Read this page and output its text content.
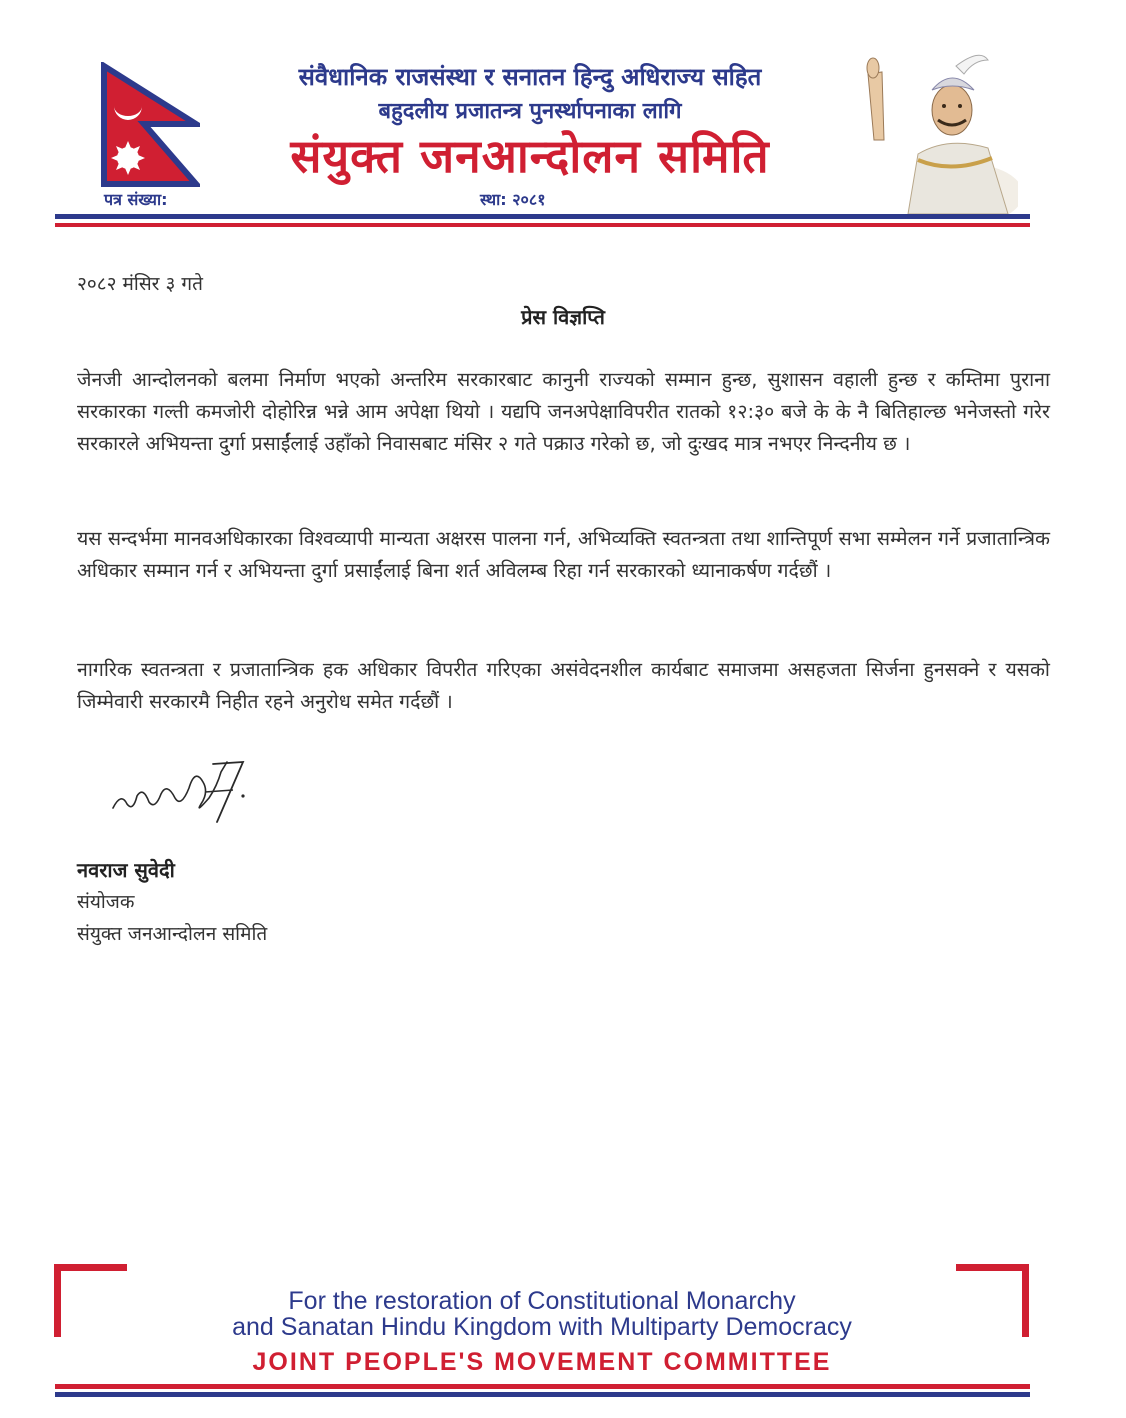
संवैधानिक राजसंस्था र सनातन हिन्दु अधिराज्य सहित
बहुदलीय प्रजातन्त्र पुनर्स्थापनाका लागि
संयुक्त जनआन्दोलन समिति
पत्र संख्या:	स्था: २०८१
२०८२ मंसिर ३ गते
प्रेस विज्ञप्ति
जेनजी आन्दोलनको बलमा निर्माण भएको अन्तरिम सरकारबाट कानुनी राज्यको सम्मान हुन्छ, सुशासन वहाली हुन्छ र कम्तिमा पुराना सरकारका गल्ती कमजोरी दोहोरिन्न भन्ने आम अपेक्षा थियो । यद्यपि जनअपेक्षाविपरीत रातको १२:३० बजे के के नै बितिहाल्छ भनेजस्तो गरेर सरकारले अभियन्ता दुर्गा प्रसाईंलाई उहाँको निवासबाट मंसिर २ गते पक्राउ गरेको छ, जो दुःखद मात्र नभएर निन्दनीय छ ।
यस सन्दर्भमा मानवअधिकारका विश्वव्यापी मान्यता अक्षरस पालना गर्न, अभिव्यक्ति स्वतन्त्रता तथा शान्तिपूर्ण सभा सम्मेलन गर्ने प्रजातान्त्रिक अधिकार सम्मान गर्न र अभियन्ता दुर्गा प्रसाईंलाई बिना शर्त अविलम्ब रिहा गर्न सरकारको ध्यानाकर्षण गर्दछौं ।
नागरिक स्वतन्त्रता र प्रजातान्त्रिक हक अधिकार विपरीत गरिएका असंवेदनशील कार्यबाट समाजमा असहजता सिर्जना हुनसक्ने र यसको जिम्मेवारी सरकारमै निहीत रहने अनुरोध समेत गर्दछौं ।
नवराज सुवेदी
संयोजक
संयुक्त जनआन्दोलन समिति
For the restoration of Constitutional Monarchy
and Sanatan Hindu Kingdom with Multiparty Democracy
JOINT PEOPLE'S MOVEMENT COMMITTEE
